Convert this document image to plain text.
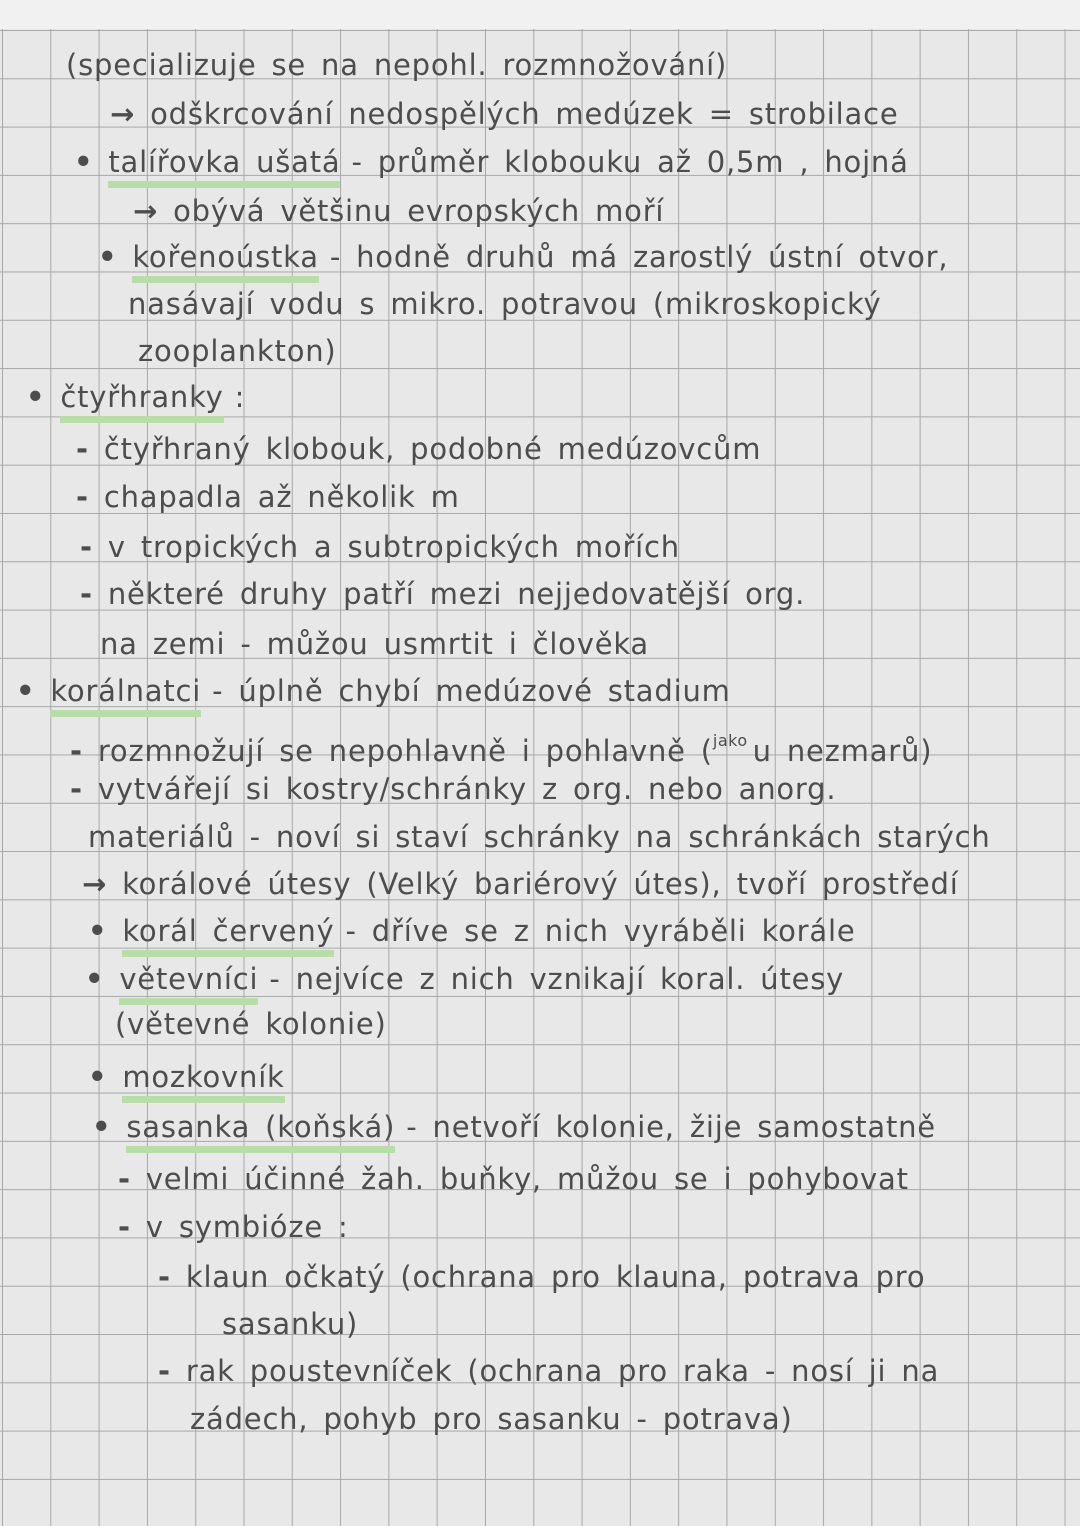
(specializuje se na nepohl. rozmnožování)
→ odškrcování nedospělých medúzek = strobilace
• talířovka ušatá - průměr klobouku až 0,5m , hojná
→ obývá většinu evropských moří
• kořenoústka - hodně druhů má zarostlý ústní otvor,
nasávají vodu s mikro. potravou (mikroskopický
zooplankton)
• čtyřhranky :
- čtyřhraný klobouk, podobné medúzovcům
- chapadla až několik m
- v tropických a subtropických mořích
- některé druhy patří mezi nejjedovatější org.
na zemi - můžou usmrtit i člověka
• korálnatci - úplně chybí medúzové stadium
- rozmnožují se nepohlavně i pohlavně ($^{jako}$ u nezmarů)
- vytvářejí si kostry/schránky z org. nebo anorg.
materiálů - noví si staví schránky na schránkách starých
→ korálové útesy (Velký bariérový útes), tvoří prostředí
• korál červený - dříve se z nich vyráběli korále
• větevníci - nejvíce z nich vznikají koral. útesy
(větevné kolonie)
• mozkovník
• sasanka (koňská) - netvoří kolonie, žije samostatně
- velmi účinné žah. buňky, můžou se i pohybovat
- v symbióze :
- klaun očkatý (ochrana pro klauna, potrava pro
sasanku)
- rak poustevníček (ochrana pro raka - nosí ji na
zádech, pohyb pro sasanku - potrava)
